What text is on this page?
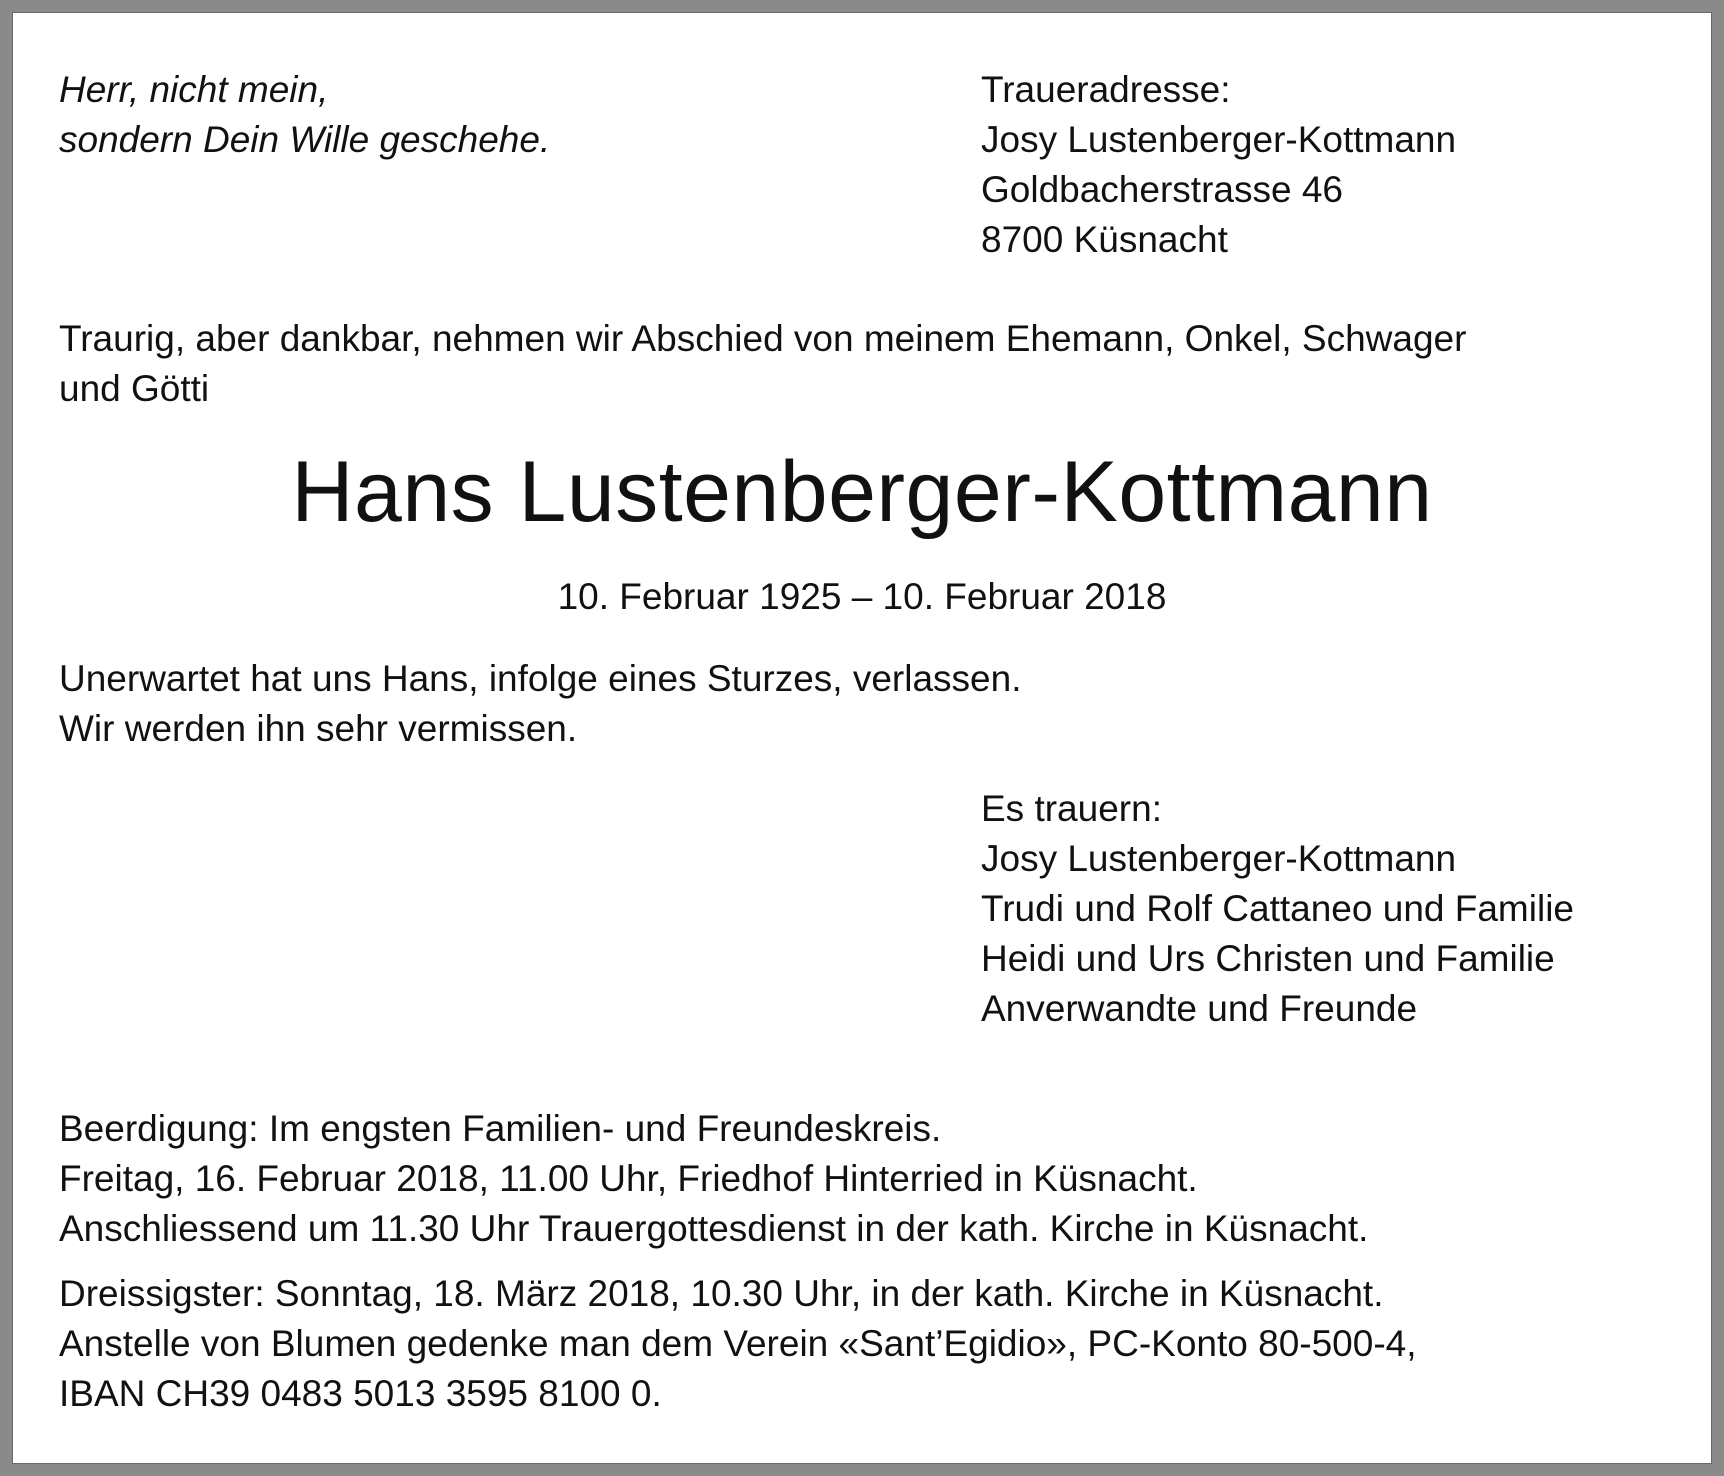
Herr, nicht mein,

sondern Dein Wille geschehe.

Traueradresse:

Josy Lustenberger-Kottmann

Goldbacherstrasse 46

8700 Küsnacht

Traurig, aber dankbar, nehmen wir Abschied von meinem Ehemann, Onkel, Schwager

und Götti

Hans Lustenberger-Kottmann

10. Februar 1925 – 10. Februar 2018

Unerwartet hat uns Hans, infolge eines Sturzes, verlassen.

Wir werden ihn sehr vermissen.

Es trauern:

Josy Lustenberger-Kottmann

Trudi und Rolf Cattaneo und Familie

Heidi und Urs Christen und Familie

Anverwandte und Freunde

Beerdigung: Im engsten Familien- und Freundeskreis.

Freitag, 16. Februar 2018, 11.00 Uhr, Friedhof Hinterried in Küsnacht.

Anschliessend um 11.30 Uhr Trauergottesdienst in der kath. Kirche in Küsnacht.

Dreissigster: Sonntag, 18. März 2018, 10.30 Uhr, in der kath. Kirche in Küsnacht.

Anstelle von Blumen gedenke man dem Verein «Sant’Egidio», PC-Konto 80-500-4,

IBAN CH39 0483 5013 3595 8100 0.
